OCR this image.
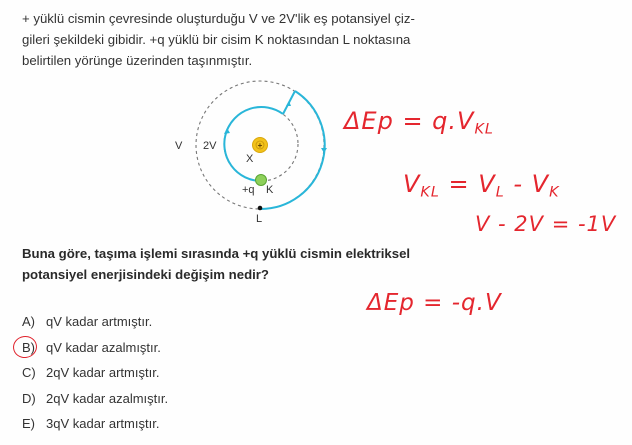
+ yüklü cismin çevresinde oluşturduğu V ve 2V'lik eş potansiyel çiz-
gileri şekildeki gibidir. +q yüklü bir cisim K noktasından L noktasına
belirtilen yörünge üzerinden taşınmıştır.
+
V 2V
X
+q K
L
$\Delta Ep = q.V_{KL}$
$V_{KL} = V_L - V_K$
V - 2V = -1V
ΔEp = -q.V
Buna göre, taşıma işlemi sırasında +q yüklü cismin elektriksel
potansiyel enerjisindeki değişim nedir?
A) qV kadar artmıştır.
B) qV kadar azalmıştır.
C) 2qV kadar artmıştır.
D) 2qV kadar azalmıştır.
E) 3qV kadar artmıştır.
